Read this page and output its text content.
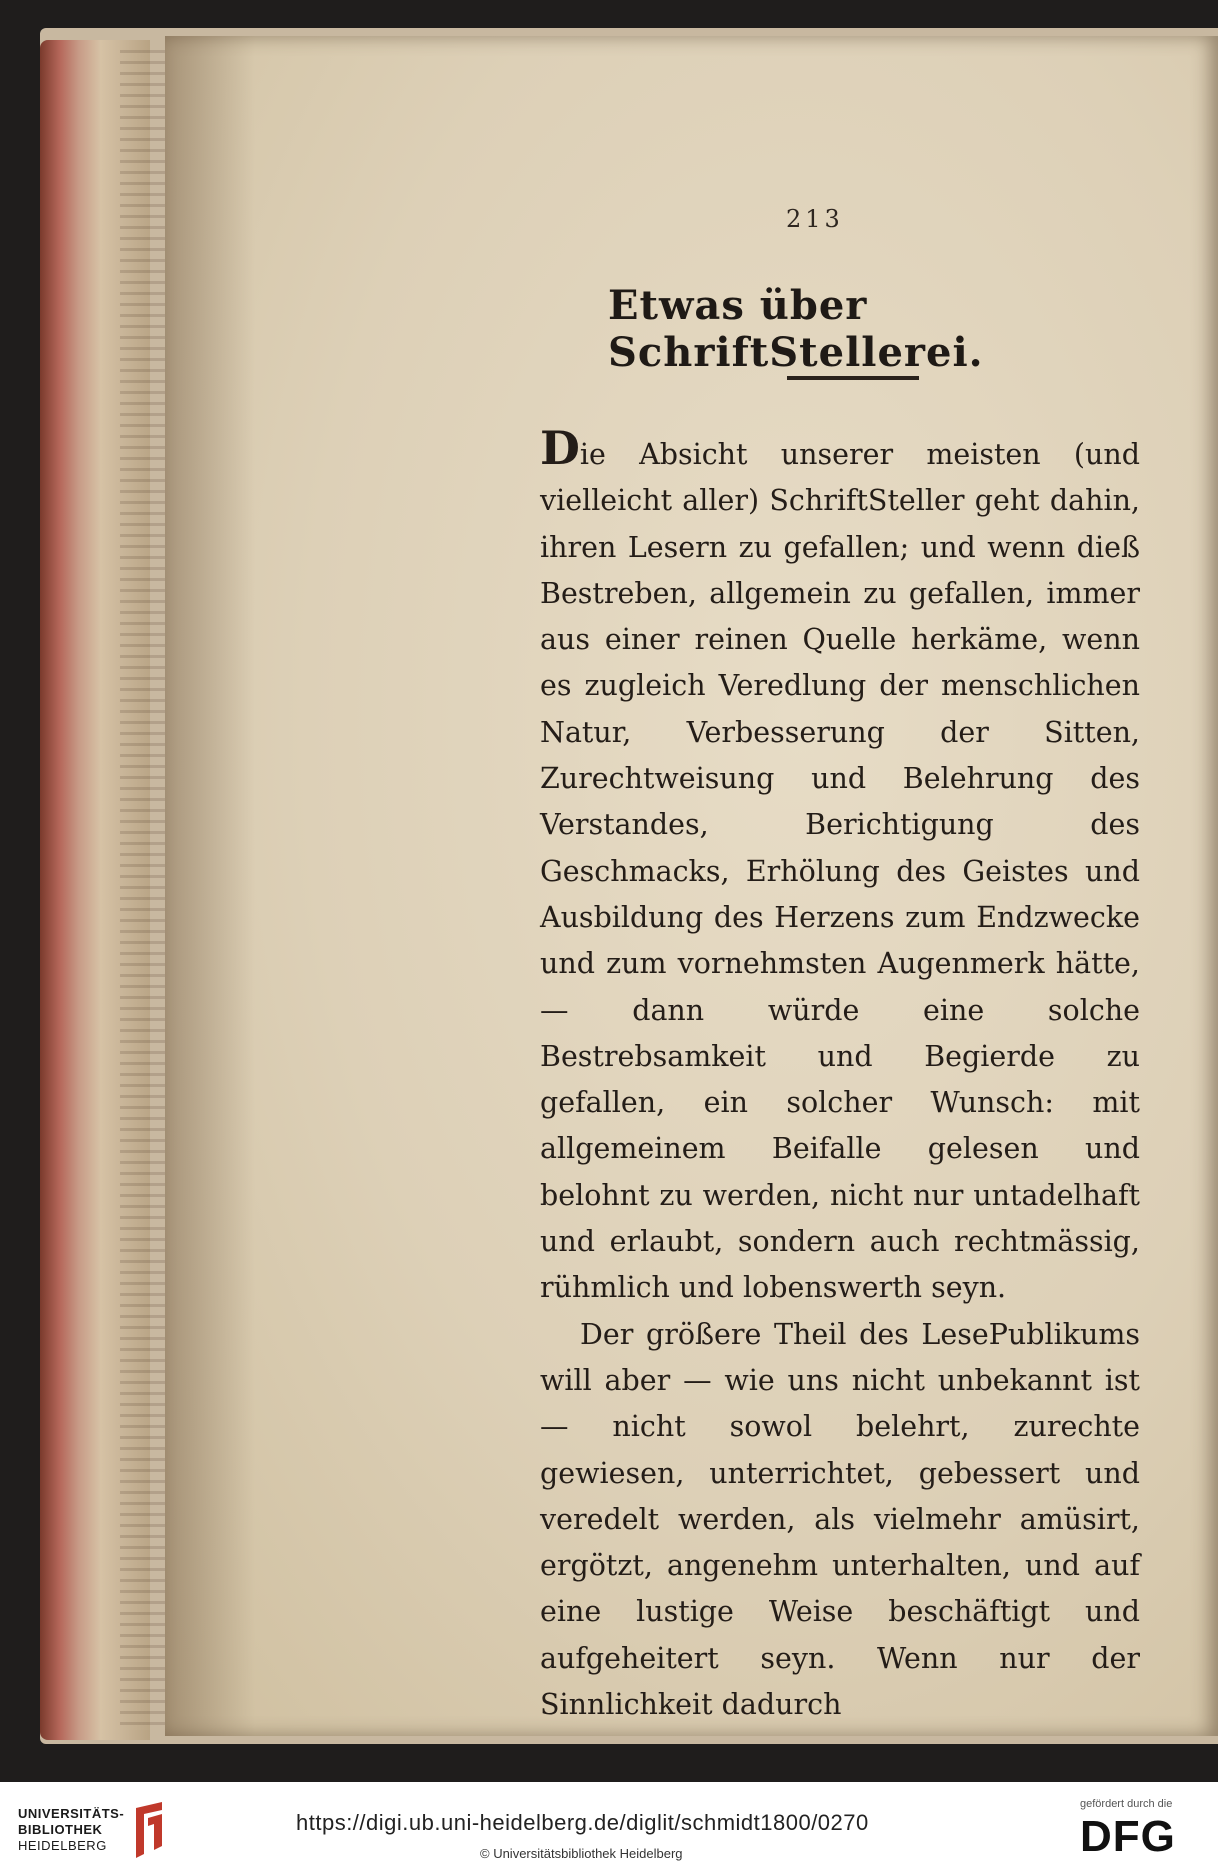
213
Etwas über SchriftStellerei.

Die Absicht unserer meisten (und vielleicht aller) SchriftSteller geht dahin, ihren Lesern zu gefallen; und wenn dieß Bestreben, allgemein zu gefallen, immer aus einer reinen Quelle herkäme, wenn es zugleich Veredlung der menschlichen Natur, Verbesserung der Sitten, Zurechtweisung und Belehrung des Verstandes, Berichtigung des Geschmacks, Erhölung des Geistes und Ausbildung des Herzens zum Endzwecke und zum vornehmsten Augenmerk hätte, — dann würde eine solche Bestrebsamkeit und Begierde zu gefallen, ein solcher Wunsch: mit allgemeinem Beifalle gelesen und belohnt zu werden, nicht nur untadelhaft und erlaubt, sondern auch rechtmässig, rühmlich und lobenswerth seyn.

Der größere Theil des LesePublikums will aber — wie uns nicht unbekannt ist — nicht sowol belehrt, zurechte gewiesen, unterrichtet, gebessert und veredelt werden, als vielmehr amüsirt, ergötzt, angenehm unterhalten, und auf eine lustige Weise beschäftigt und aufgeheitert seyn. Wenn nur der Sinnlichkeit dadurch

UNIVERSITÄTS-
BIBLIOTHEK
HEIDELBERG
https://digi.ub.uni-heidelberg.de/diglit/schmidt1800/0270
© Universitätsbibliothek Heidelberg
gefördert durch die
DFG
